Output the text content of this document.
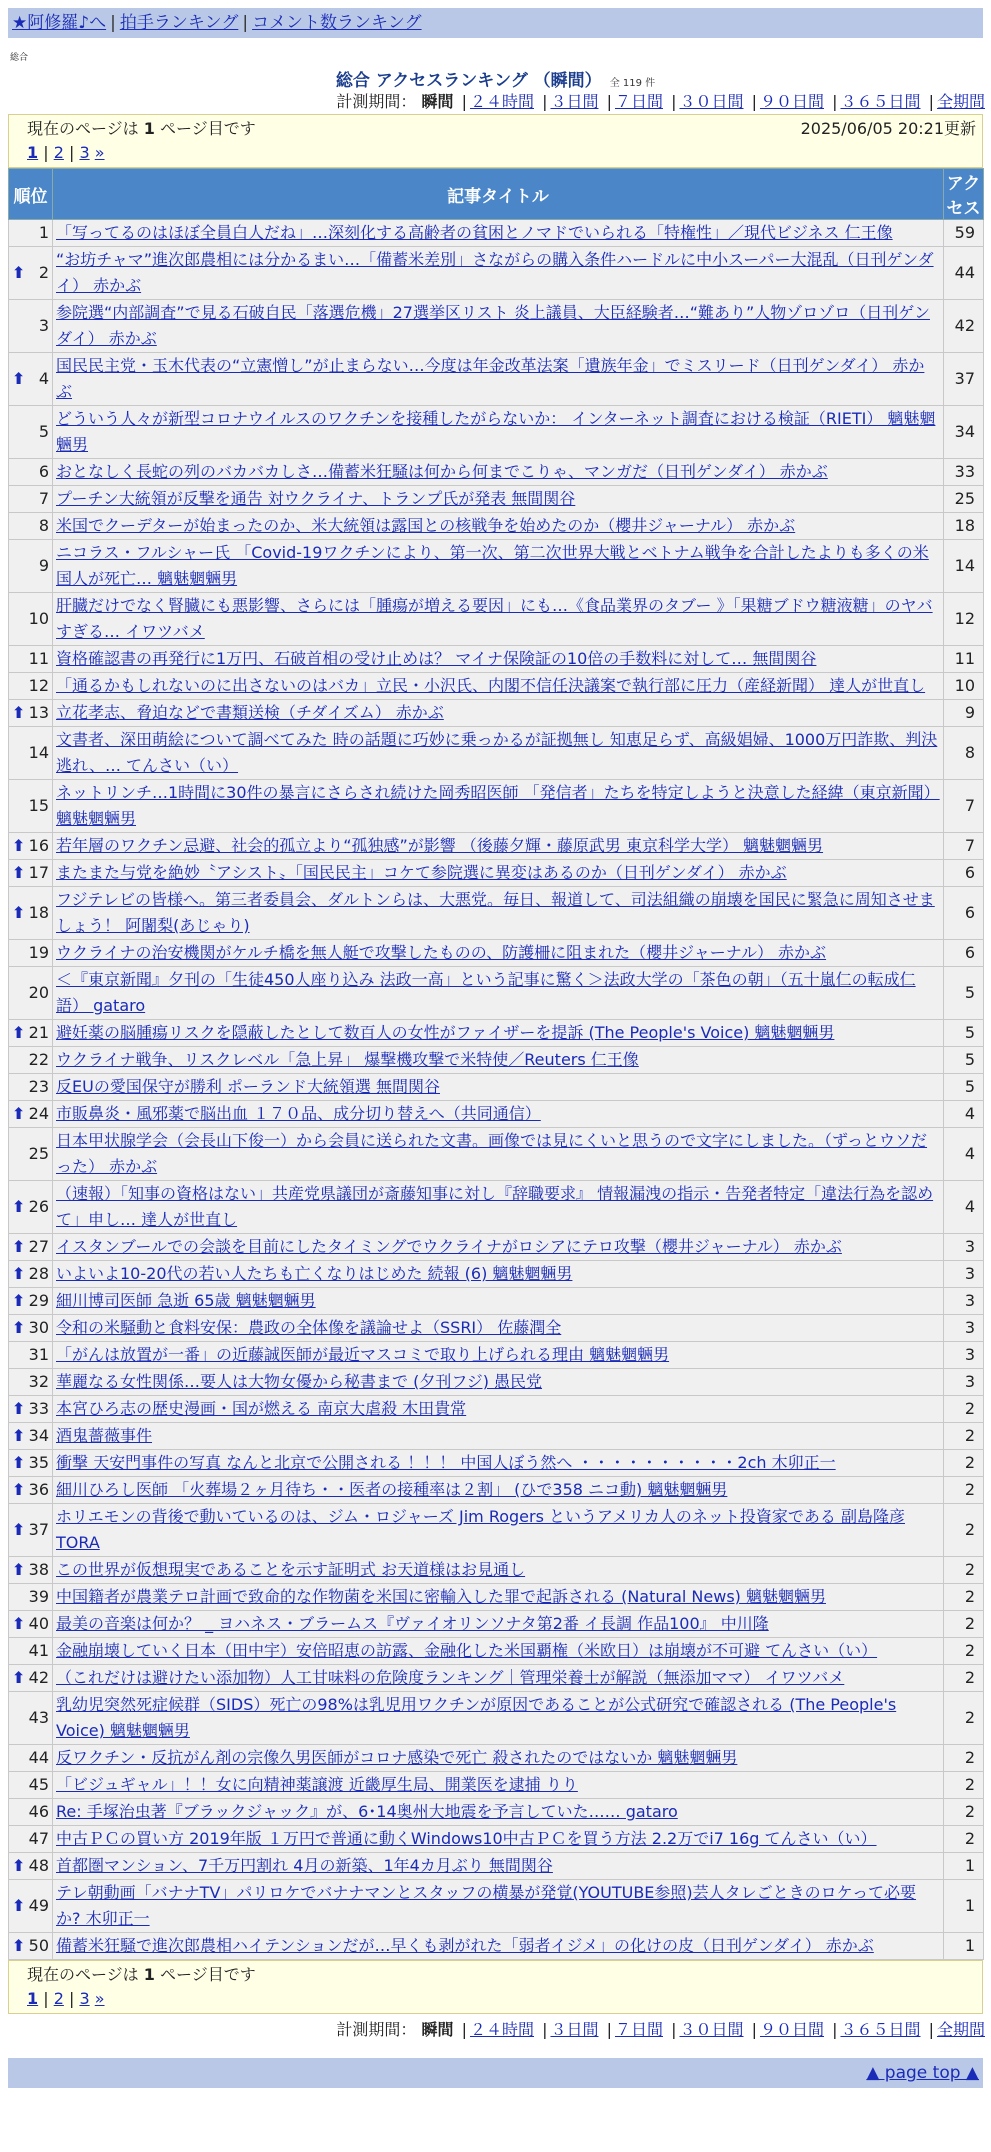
★阿修羅♪へ | 拍手ランキング | コメント数ランキング
総合
総合 アクセスランキング （瞬間） 全 119 件
計測期間： 瞬間 | ２４時間 | ３日間 | ７日間 | ３０日間 | ９０日間 | ３６５日間 | 全期間
現在のページは 1 ページ目です	2025/06/05 20:21更新
1 | 2 | 3 »
順位	記事タイトル	アクセス
1	「写ってるのはほぼ全員白人だね」…深刻化する高齢者の貧困とノマドでいられる「特権性」／現代ビジネス 仁王像	59

⬆ 2	“お坊チャマ”進次郎農相には分かるまい…「備蓄米差別」さながらの購入条件ハードルに中小スーパー大混乱（日刊ゲンダイ） 赤かぶ	44
3	参院選“内部調査”で見る石破自民「落選危機」27選挙区リスト 炎上議員、大臣経験者…“難あり”人物ゾロゾロ（日刊ゲンダイ） 赤かぶ	42

⬆ 4	国民民主党・玉木代表の“立憲憎し”が止まらない…今度は年金改革法案「遺族年金」でミスリード（日刊ゲンダイ） 赤かぶ	37
5	どういう人々が新型コロナウイルスのワクチンを接種したがらないか： インターネット調査における検証（RIETI） 魑魅魍魎男	34
6	おとなしく長蛇の列のバカバカしさ…備蓄米狂騒は何から何までこりゃ、マンガだ（日刊ゲンダイ） 赤かぶ	33
7	プーチン大統領が反撃を通告 対ウクライナ、トランプ氏が発表 無間関谷	25
8	米国でクーデターが始まったのか、米大統領は露国との核戦争を始めたのか（櫻井ジャーナル） 赤かぶ	18
9	ニコラス・フルシャー氏 「Covid-19ワクチンにより、第一次、第二次世界大戦とベトナム戦争を合計したよりも多くの米国人が死亡… 魑魅魍魎男	14
10	肝臓だけでなく腎臓にも悪影響、さらには「腫瘍が増える要因」にも…《食品業界のタブー 》「果糖ブドウ糖液糖」のヤバすぎる… イワツバメ	12
11	資格確認書の再発行に1万円、石破首相の受け止めは？ マイナ保険証の10倍の手数料に対して… 無間関谷	11
12	「通るかもしれないのに出さないのはバカ」立民・小沢氏、内閣不信任決議案で執行部に圧力（産経新聞） 達人が世直し	10

⬆ 13	立花孝志、脅迫などで書類送検（チダイズム） 赤かぶ	9
14	文書者、深田萌絵について調べてみた 時の話題に巧妙に乗っかるが証拠無し 知恵足らず、高級娼婦、1000万円詐欺、判決逃れ、… てんさい（い）	8
15	ネットリンチ…1時間に30件の暴言にさらされ続けた岡秀昭医師 「発信者」たちを特定しようと決意した経緯（東京新聞） 魑魅魍魎男	7

⬆ 16	若年層のワクチン忌避、社会的孤立より“孤独感”が影響 （後藤夕輝・藤原武男 東京科学大学） 魑魅魍魎男	7

⬆ 17	またまた与党を絶妙〝アシスト〟「国民民主」コケて参院選に異変はあるのか（日刊ゲンダイ） 赤かぶ	6

⬆ 18	フジテレビの皆様へ。第三者委員会、ダルトンらは、大悪党。毎日、報道して、司法組織の崩壊を国民に緊急に周知させましょう！ 阿闍梨(あじゃり)	6
19	ウクライナの治安機関がケルチ橋を無人艇で攻撃したものの、防護柵に阻まれた（櫻井ジャーナル） 赤かぶ	6
20	＜『東京新聞』夕刊の「生徒450人座り込み 法政一高」という記事に驚く＞法政大学の「茶色の朝」（五十嵐仁の転成仁語） gataro	5

⬆ 21	避妊薬の脳腫瘍リスクを隠蔽したとして数百人の女性がファイザーを提訴 (The People's Voice) 魑魅魍魎男	5
22	ウクライナ戦争、リスクレベル「急上昇」 爆撃機攻撃で米特使／Reuters 仁王像	5
23	反EUの愛国保守が勝利 ポーランド大統領選 無間関谷	5

⬆ 24	市販鼻炎・風邪薬で脳出血 １７０品、成分切り替えへ（共同通信）	4
25	日本甲状腺学会（会長山下俊一）から会員に送られた文書。画像では見にくいと思うので文字にしました。（ずっとウソだった） 赤かぶ	4

⬆ 26	（速報）「知事の資格はない」共産党県議団が斎藤知事に対し『辞職要求』 情報漏洩の指示・告発者特定「違法行為を認めて」申し… 達人が世直し	4

⬆ 27	イスタンブールでの会談を目前にしたタイミングでウクライナがロシアにテロ攻撃（櫻井ジャーナル） 赤かぶ	3

⬆ 28	いよいよ10-20代の若い人たちも亡くなりはじめた 続報 (6) 魑魅魍魎男	3

⬆ 29	細川博司医師 急逝 65歳 魑魅魍魎男	3

⬆ 30	令和の米騒動と食料安保：農政の全体像を議論せよ（SSRI） 佐藤潤全	3
31	「がんは放置が一番」の近藤誠医師が最近マスコミで取り上げられる理由 魑魅魍魎男	3
32	華麗なる女性関係…要人は大物女優から秘書まで (夕刊フジ) 愚民党	3

⬆ 33	本宮ひろ志の歴史漫画・国が燃える 南京大虐殺 木田貴常	2

⬆ 34	酒鬼薔薇事件	2

⬆ 35	衝撃 天安門事件の写真 なんと北京で公開される ！！！ 中国人ぼう然へ ・・・・・・・・・・2ch 木卯正一	2

⬆ 36	細川ひろし医師 「火葬場２ヶ月待ち・・医者の接種率は２割」 (ひで358 ニコ動) 魑魅魍魎男	2

⬆ 37	ホリエモンの背後で動いているのは、ジム・ロジャーズ Jim Rogers というアメリカ人のネット投資家である 副島隆彦 TORA	2

⬆ 38	この世界が仮想現実であることを示す証明式 お天道様はお見通し	2
39	中国籍者が農業テロ計画で致命的な作物菌を米国に密輸入した罪で起訴される (Natural News) 魑魅魍魎男	2

⬆ 40	最美の音楽は何か？ _ ヨハネス・ブラームス『ヴァイオリンソナタ第2番 イ長調 作品100』 中川隆	2
41	金融崩壊していく日本（田中宇）安倍昭恵の訪露、金融化した米国覇権（米欧日）は崩壊が不可避 てんさい（い）	2

⬆ 42	（これだけは避けたい添加物）人工甘味料の危険度ランキング｜管理栄養士が解説（無添加ママ） イワツバメ	2
43	乳幼児突然死症候群（SIDS）死亡の98%は乳児用ワクチンが原因であることが公式研究で確認される (The People's Voice) 魑魅魍魎男	2
44	反ワクチン・反抗がん剤の宗像久男医師がコロナ感染で死亡 殺されたのではないか 魑魅魍魎男	2
45	「ビジュギャル」！！女に向精神薬譲渡 近畿厚生局、開業医を逮捕 りり	2
46	Re: 手塚治虫著『ブラックジャック』が、6･14奥州大地震を予言していた…… gataro	2
47	中古ＰＣの買い方 2019年版 １万円で普通に動くWindows10中古ＰＣを買う方法 2.2万でi7 16g てんさい（い）	2

⬆ 48	首都圏マンション、7千万円割れ 4月の新築、1年4カ月ぶり 無間関谷	1

⬆ 49	テレ朝動画「バナナTV」パリロケでバナナマンとスタッフの横暴が発覚(YOUTUBE参照)芸人タレごときのロケって必要か? 木卯正一	1

⬆ 50	備蓄米狂騒で進次郎農相ハイテンションだが…早くも剥がれた「弱者イジメ」の化けの皮（日刊ゲンダイ） 赤かぶ	1
現在のページは 1 ページ目です
1 | 2 | 3 »
計測期間： 瞬間 | ２４時間 | ３日間 | ７日間 | ３０日間 | ９０日間 | ３６５日間 | 全期間
▲ page top ▲
